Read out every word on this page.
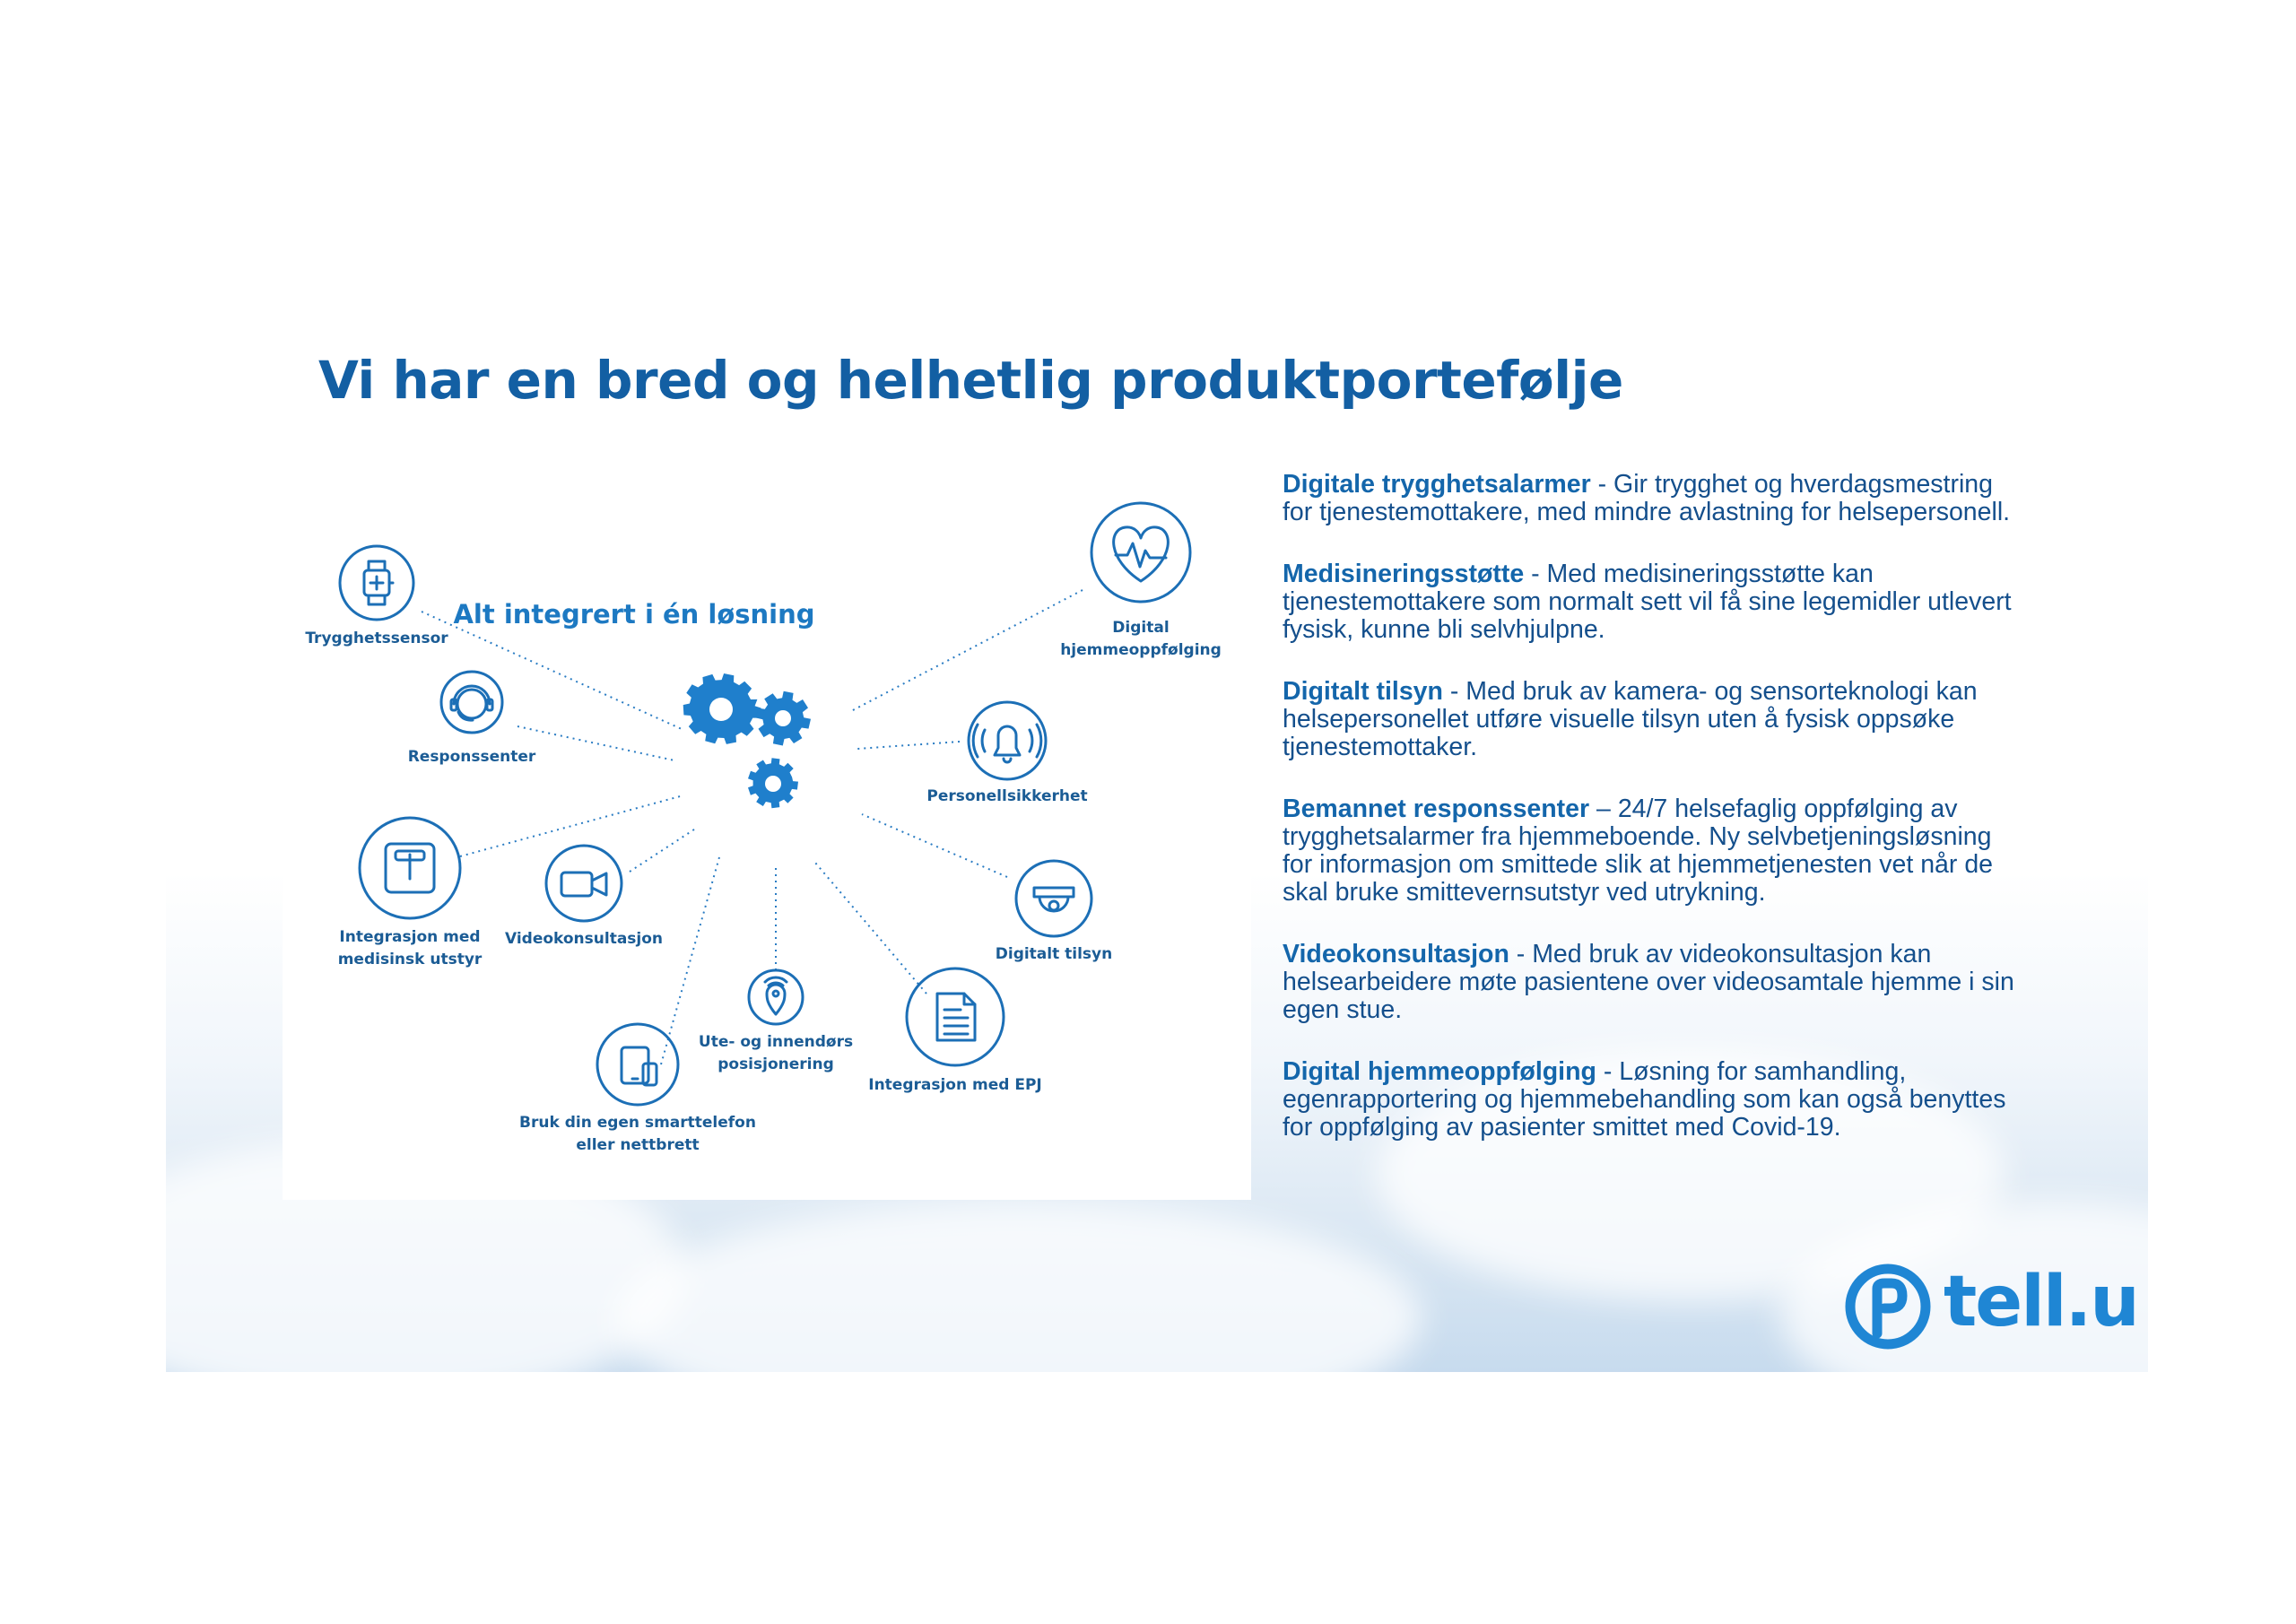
Vi har en bred og helhetlig produktportefølje
Alt integrert i én løsning
Trygghetssensor
Responssenter
Integrasjon med
medisinsk utstyr
Videokonsultasjon
Bruk din egen smarttelefon
eller nettbrett
Ute- og innendørs
posisjonering
Integrasjon med EPJ
Digitalt tilsyn
Personellsikkerhet
Digital
hjemmeoppfølging

Digitale trygghetsalarmer - Gir trygghet og hverdagsmestring for tjenestemottakere, med mindre avlastning for helsepersonell.

Medisineringsstøtte - Med medisineringsstøtte kan tjenestemottakere som normalt sett vil få sine legemidler utlevert fysisk, kunne bli selvhjulpne.

Digitalt tilsyn - Med bruk av kamera- og sensorteknologi kan helsepersonellet utføre visuelle tilsyn uten å fysisk oppsøke tjenestemottaker.

Bemannet responssenter – 24/7 helsefaglig oppfølging av trygghetsalarmer fra hjemmeboende. Ny selvbetjeningsløsning for informasjon om smittede slik at hjemmetjenesten vet når de skal bruke smittevernsutstyr ved utrykning.

Videokonsultasjon - Med bruk av videokonsultasjon kan helsearbeidere møte pasientene over videosamtale hjemme i sin egen stue.

Digital hjemmeoppfølging - Løsning for samhandling, egenrapportering og hjemmebehandling som kan også benyttes for oppfølging av pasienter smittet med Covid-19.

tell.u
